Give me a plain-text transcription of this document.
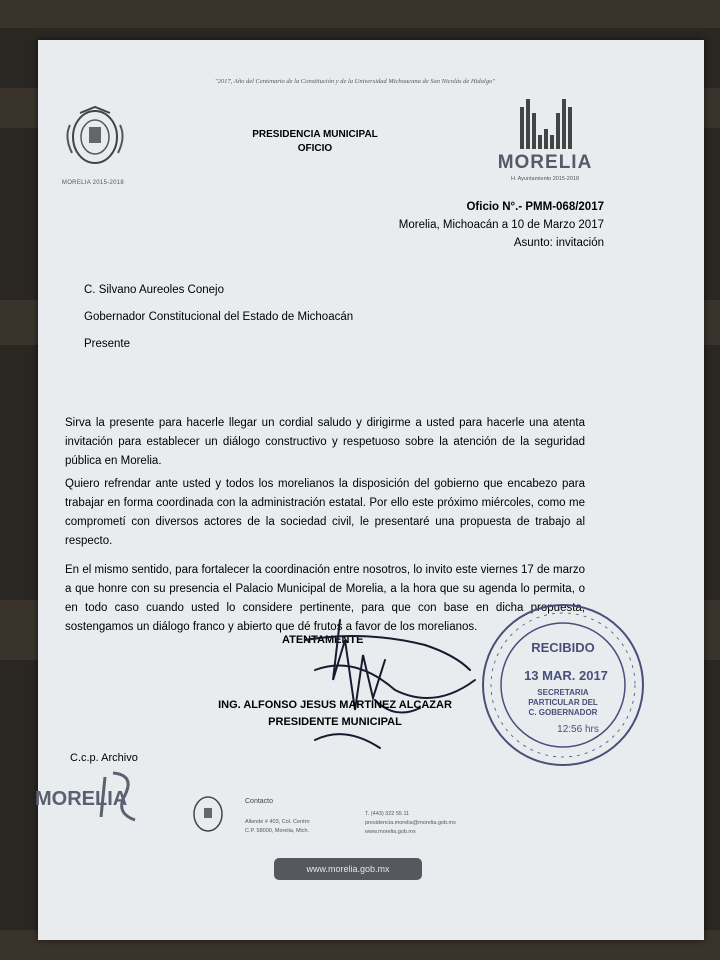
"2017, Año del Centenario de la Constitución y de la Universidad Michoacana de San Nicolás de Hidalgo"
MORELIA 2015-2018
PRESIDENCIA MUNICIPAL
OFICIO
MORELIA
H. Ayuntamiento 2015-2018
Oficio N°.- PMM-068/2017
Morelia, Michoacán a 10 de Marzo 2017
Asunto: invitación
C. Silvano Aureoles Conejo
Gobernador Constitucional del Estado de Michoacán
Presente
Sirva la presente para hacerle llegar un cordial saludo y dirigirme a usted para hacerle una atenta invitación para establecer un diálogo constructivo y respetuoso sobre la atención de la seguridad pública en Morelia.
Quiero refrendar ante usted y todos los morelianos la disposición del gobierno que encabezo para trabajar en forma coordinada con la administración estatal. Por ello este próximo miércoles, como me comprometí con diversos actores de la sociedad civil, le presentaré una propuesta de trabajo al respecto.
En el mismo sentido, para fortalecer la coordinación entre nosotros, lo invito este viernes 17 de marzo a que honre con su presencia el Palacio Municipal de Morelia, a la hora que su agenda lo permita, o en todo caso cuando usted lo considere pertinente, para que con base en dicha propuesta, sostengamos un diálogo franco y abierto que dé frutos a favor de los morelianos.
ATENTAMENTE
ING. ALFONSO JESUS MARTINEZ ALCAZAR
PRESIDENTE MUNICIPAL
RECIBIDO
13 MAR. 2017
SECRETARIA
PARTICULAR DEL
C. GOBERNADOR
12:56 hrs
C.c.p. Archivo
MORELIA	Contacto
Allende # 403, Col. Centro
C.P. 58000, Morelia, Mich.
T. (443) 322 55 11
presidencia.morelia@morelia.gob.mx
www.morelia.gob.mx
www.morelia.gob.mx
